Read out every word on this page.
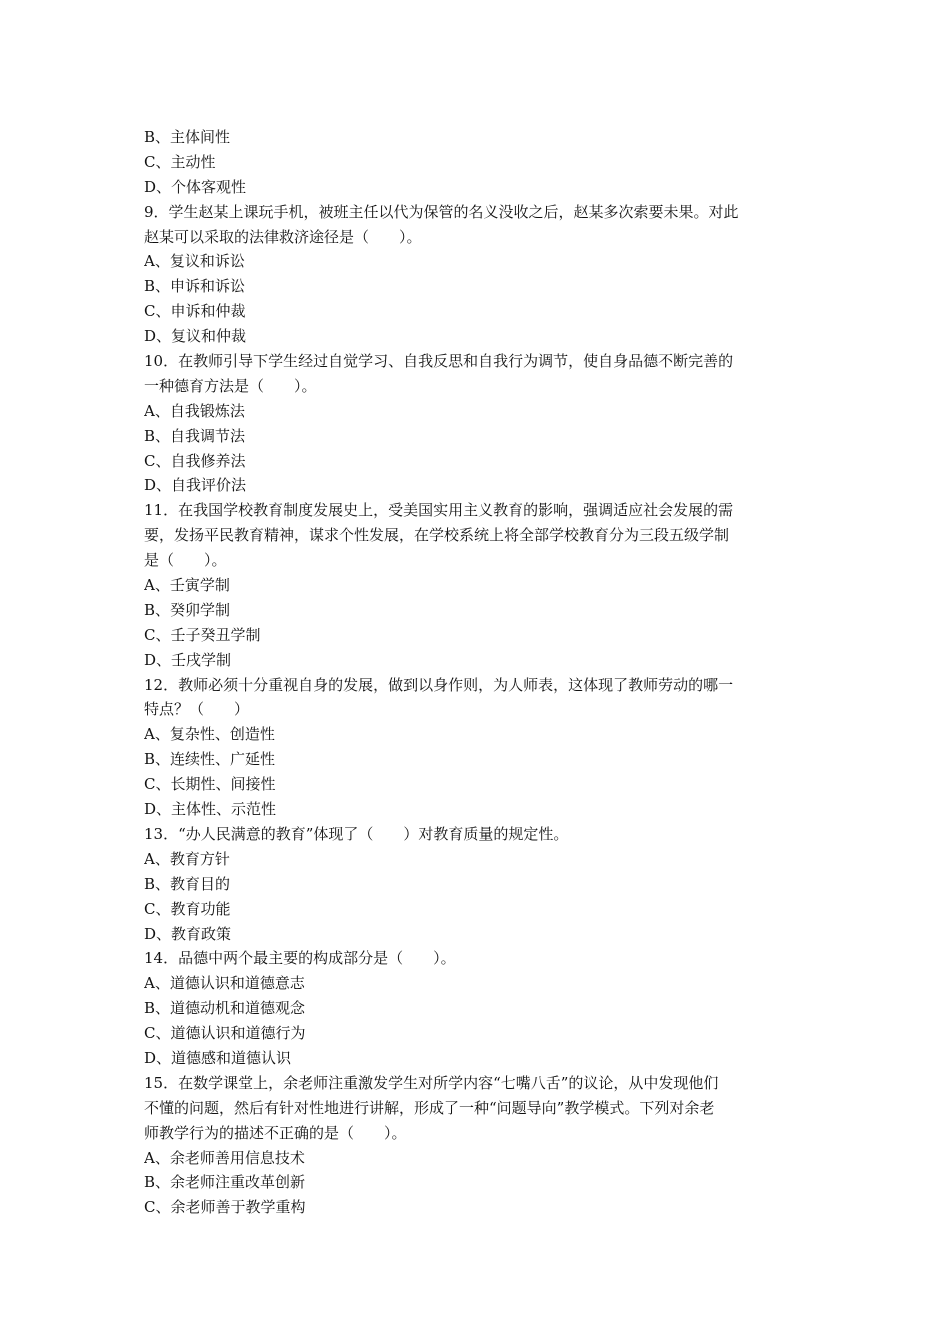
B、主体间性
C、主动性
D、个体客观性
9．学生赵某上课玩手机，被班主任以代为保管的名义没收之后，赵某多次索要未果。对此
赵某可以采取的法律救济途径是（　　）。
A、复议和诉讼
B、申诉和诉讼
C、申诉和仲裁
D、复议和仲裁
10．在教师引导下学生经过自觉学习、自我反思和自我行为调节，使自身品德不断完善的
一种德育方法是（　　）。
A、自我锻炼法
B、自我调节法
C、自我修养法
D、自我评价法
11．在我国学校教育制度发展史上，受美国实用主义教育的影响，强调适应社会发展的需
要，发扬平民教育精神，谋求个性发展，在学校系统上将全部学校教育分为三段五级学制
是（　　）。
A、壬寅学制
B、癸卯学制
C、壬子癸丑学制
D、壬戌学制
12．教师必须十分重视自身的发展，做到以身作则，为人师表，这体现了教师劳动的哪一
特点？（　　）
A、复杂性、创造性
B、连续性、广延性
C、长期性、间接性
D、主体性、示范性
13．“办人民满意的教育”体现了（　　）对教育质量的规定性。
A、教育方针
B、教育目的
C、教育功能
D、教育政策
14．品德中两个最主要的构成部分是（　　）。
A、道德认识和道德意志
B、道德动机和道德观念
C、道德认识和道德行为
D、道德感和道德认识
15．在数学课堂上，余老师注重激发学生对所学内容“七嘴八舌”的议论，从中发现他们
不懂的问题，然后有针对性地进行讲解，形成了一种“问题导向”教学模式。下列对余老
师教学行为的描述不正确的是（　　）。
A、余老师善用信息技术
B、余老师注重改革创新
C、余老师善于教学重构
